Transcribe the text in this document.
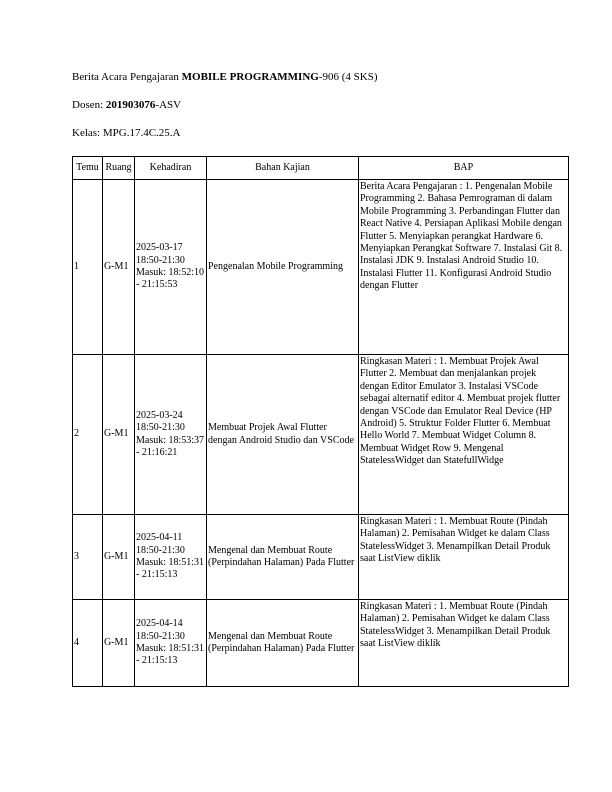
Berita Acara Pengajaran MOBILE PROGRAMMING-906 (4 SKS)
Dosen: 201903076-ASV
Kelas: MPG.17.4C.25.A
Temu	Ruang	Kehadiran	Bahan Kajian	BAP
1	G-M1	2025-03-17 18:50-21:30 Masuk: 18:52:10 - 21:15:53	Pengenalan Mobile Programming	Berita Acara Pengajaran : 1. Pengenalan Mobile Programming 2. Bahasa Pemrograman di dalam Mobile Programming 3. Perbandingan Flutter dan React Native 4. Persiapan Aplikasi Mobile dengan Flutter 5. Menyiapkan perangkat Hardware 6. Menyiapkan Perangkat Software 7. Instalasi Git 8. Instalasi JDK 9. Instalasi Android Studio 10. Instalasi Flutter 11. Konfigurasi Android Studio dengan Flutter
2	G-M1	2025-03-24 18:50-21:30 Masuk: 18:53:37 - 21:16:21	Membuat Projek Awal Flutter dengan Android Studio dan VSCode	Ringkasan Materi : 1. Membuat Projek Awal Flutter 2. Membuat dan menjalankan projek dengan Editor Emulator 3. Instalasi VSCode sebagai alternatif editor 4. Membuat projek flutter dengan VSCode dan Emulator Real Device (HP Android) 5. Struktur Folder Flutter 6. Membuat Hello World 7. Membuat Widget Column 8. Membuat Widget Row 9. Mengenal StatelessWidget dan StatefullWidge
3	G-M1	2025-04-11 18:50-21:30 Masuk: 18:51:31 - 21:15:13	Mengenal dan Membuat Route (Perpindahan Halaman) Pada Flutter	Ringkasan Materi : 1. Membuat Route (Pindah Halaman) 2. Pemisahan Widget ke dalam Class StatelessWidget 3. Menampilkan Detail Produk saat ListView diklik
4	G-M1	2025-04-14 18:50-21:30 Masuk: 18:51:31 - 21:15:13	Mengenal dan Membuat Route (Perpindahan Halaman) Pada Flutter	Ringkasan Materi : 1. Membuat Route (Pindah Halaman) 2. Pemisahan Widget ke dalam Class StatelessWidget 3. Menampilkan Detail Produk saat ListView diklik
